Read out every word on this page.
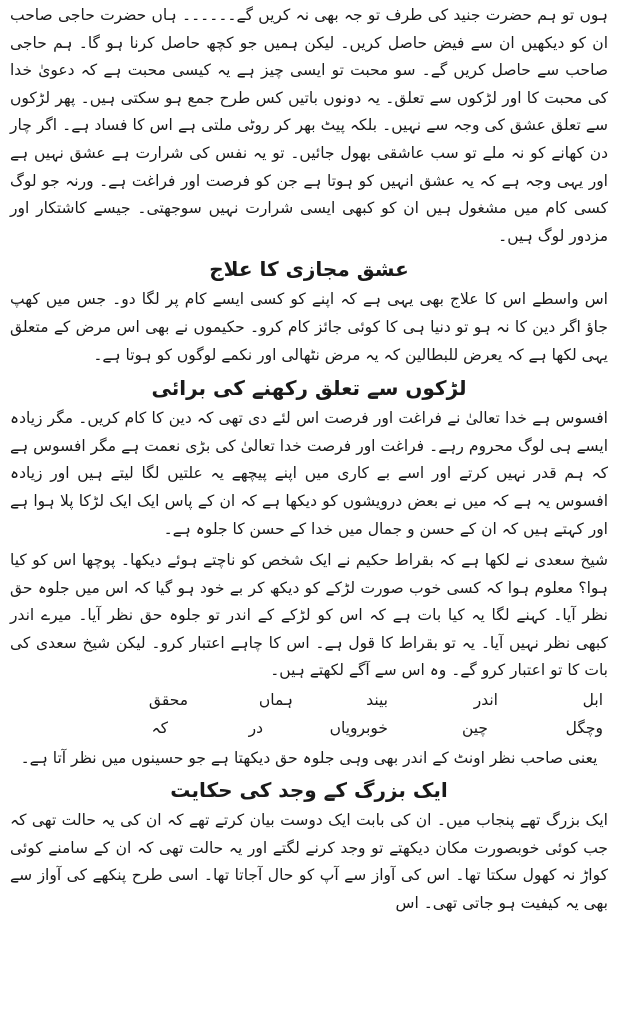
ہوں تو ہم حضرت جنید کی طرف تو جہ بھی نہ کریں گے۔۔۔۔۔۔ ہاں حضرت حاجی صاحب ان کو دیکھیں ان سے فیض حاصل کریں۔ لیکن ہمیں جو کچھ حاصل کرنا ہو گا۔ ہم حاجی صاحب سے حاصل کریں گے۔ سو محبت تو ایسی چیز ہے یہ کیسی محبت ہے کہ دعویٰ خدا کی محبت کا اور لڑکوں سے تعلق۔ یہ دونوں باتیں کس طرح جمع ہو سکتی ہیں۔ پھر لڑکوں سے تعلق عشق کی وجہ سے نہیں۔ بلکہ پیٹ بھر کر روٹی ملتی ہے اس کا فساد ہے۔ اگر چار دن کھانے کو نہ ملے تو سب عاشقی بھول جائیں۔ تو یہ نفس کی شرارت ہے عشق نہیں ہے اور یہی وجہ ہے کہ یہ عشق انہیں کو ہوتا ہے جن کو فرصت اور فراغت ہے۔ ورنہ جو لوگ کسی کام میں مشغول ہیں ان کو کبھی ایسی شرارت نہیں سوجھتی۔ جیسے کاشتکار اور مزدور لوگ ہیں۔

عشق مجازی کا علاج

اس واسطے اس کا علاج بھی یہی ہے کہ اپنے کو کسی ایسے کام پر لگا دو۔ جس میں کھپ جاؤ اگر دین کا نہ ہو تو دنیا ہی کا کوئی جائز کام کرو۔ حکیموں نے بھی اس مرض کے متعلق یہی لکھا ہے کہ یعرض للبطالین کہ یہ مرض نٹھالی اور نکمے لوگوں کو ہوتا ہے۔

لڑکوں سے تعلق رکھنے کی برائی

افسوس ہے خدا تعالیٰ نے فراغت اور فرصت اس لئے دی تھی کہ دین کا کام کریں۔ مگر زیادہ ایسے ہی لوگ محروم رہے۔ فراغت اور فرصت خدا تعالیٰ کی بڑی نعمت ہے مگر افسوس ہے کہ ہم قدر نہیں کرتے اور اسے بے کاری میں اپنے پیچھے یہ علتیں لگا لیتے ہیں اور زیادہ افسوس یہ ہے کہ میں نے بعض درویشوں کو دیکھا ہے کہ ان کے پاس ایک ایک لڑکا پلا ہوا ہے اور کہتے ہیں کہ ان کے حسن و جمال میں خدا کے حسن کا جلوہ ہے۔

شیخ سعدی نے لکھا ہے کہ بقراط حکیم نے ایک شخص کو ناچتے ہوئے دیکھا۔ پوچھا اس کو کیا ہوا؟ معلوم ہوا کہ کسی خوب صورت لڑکے کو دیکھ کر بے خود ہو گیا کہ اس میں جلوہ حق نظر آیا۔ کہنے لگا یہ کیا بات ہے کہ اس کو لڑکے کے اندر تو جلوہ حق نظر آیا۔ میرے اندر کبھی نظر نہیں آیا۔ یہ تو بقراط کا قول ہے۔ اس کا چاہے اعتبار کرو۔ لیکن شیخ سعدی کی بات کا تو اعتبار کرو گے۔ وہ اس سے آگے لکھتے ہیں۔

محقق	ہماں	بیند	اندر	ابل
کہ	در	خوبرویاں	چین	وچگل
یعنی صاحب نظر اونٹ کے اندر بھی وہی جلوہ حق دیکھتا ہے جو حسینوں میں نظر آتا ہے۔
ایک بزرگ کے وجد کی حکایت

ایک بزرگ تھے پنجاب میں۔ ان کی بابت ایک دوست بیان کرتے تھے کہ ان کی یہ حالت تھی کہ جب کوئی خوبصورت مکان دیکھتے تو وجد کرنے لگتے اور یہ حالت تھی کہ ان کے سامنے کوئی کواڑ نہ کھول سکتا تھا۔ اس کی آواز سے آپ کو حال آجاتا تھا۔ اسی طرح پنکھے کی آواز سے بھی یہ کیفیت ہو جاتی تھی۔ اس
